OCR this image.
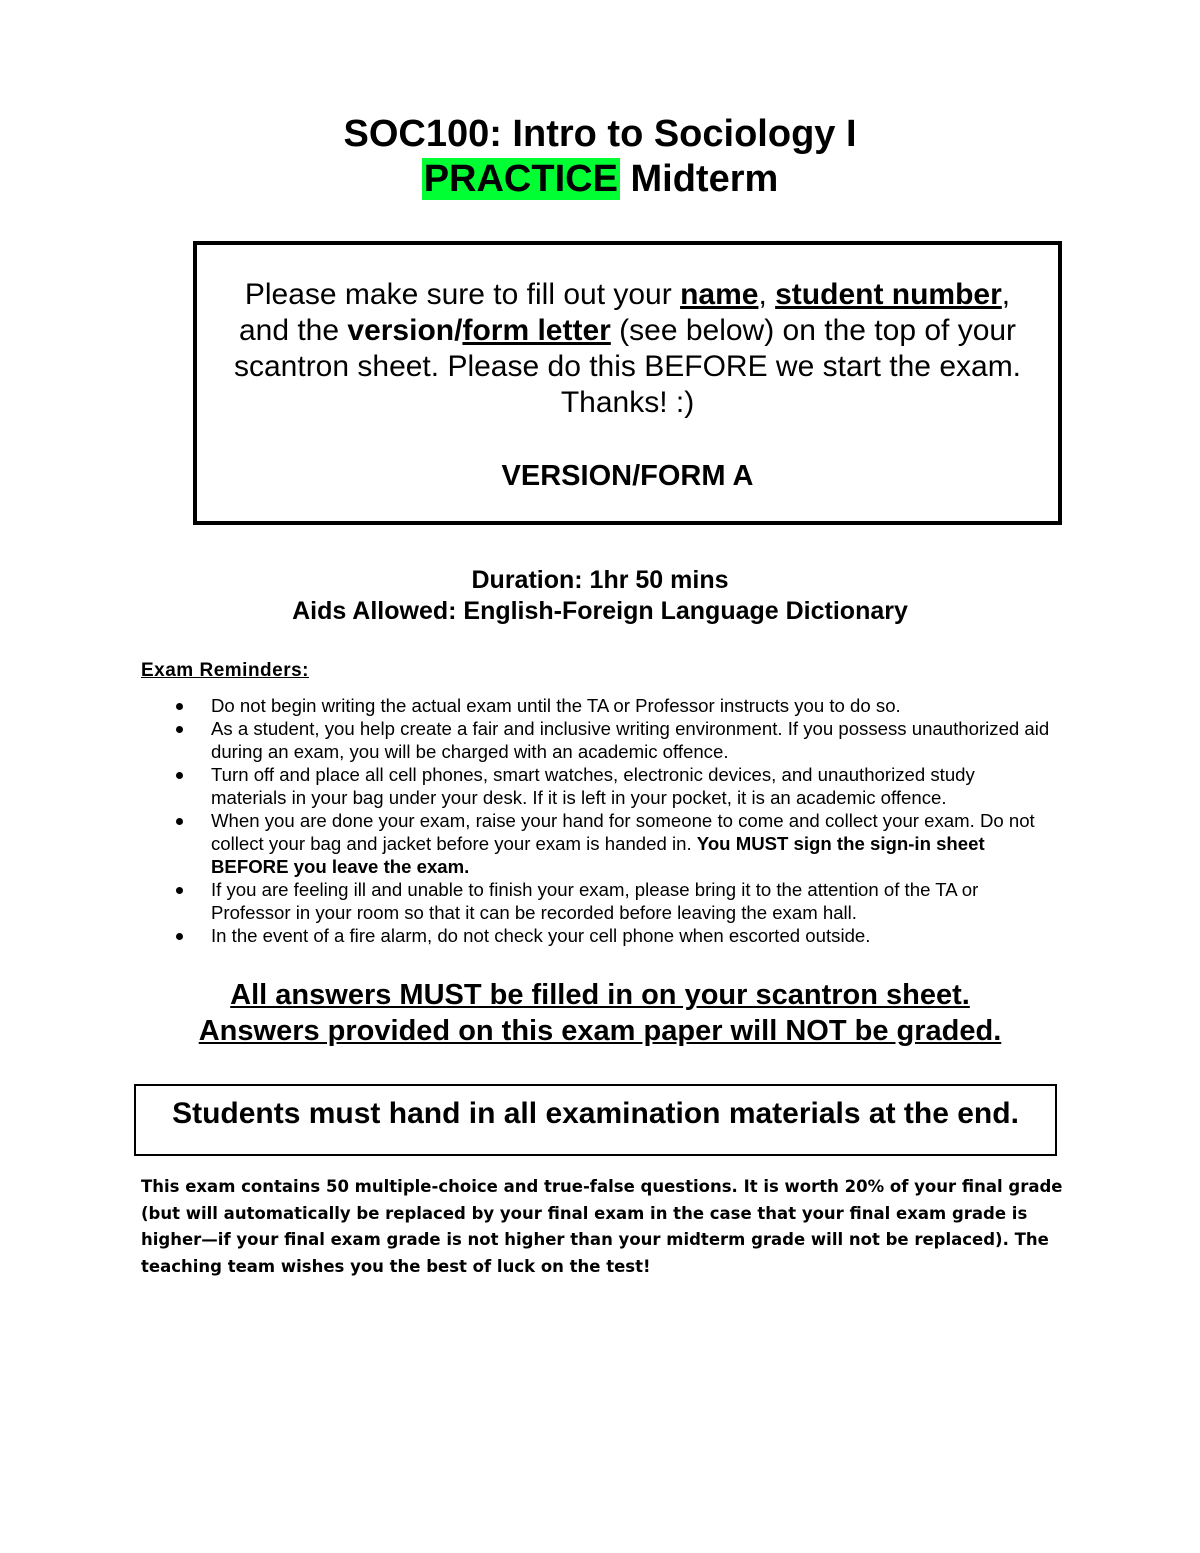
SOC100: Intro to Sociology I
PRACTICE Midterm
Please make sure to fill out your name, student number, and the version/form letter (see below) on the top of your scantron sheet. Please do this BEFORE we start the exam. Thanks! :)
VERSION/FORM A
Duration: 1hr 50 mins
Aids Allowed: English-Foreign Language Dictionary
Exam Reminders:
Do not begin writing the actual exam until the TA or Professor instructs you to do so.
As a student, you help create a fair and inclusive writing environment. If you possess unauthorized aid during an exam, you will be charged with an academic offence.
Turn off and place all cell phones, smart watches, electronic devices, and unauthorized study materials in your bag under your desk. If it is left in your pocket, it is an academic offence.
When you are done your exam, raise your hand for someone to come and collect your exam. Do not collect your bag and jacket before your exam is handed in. You MUST sign the sign-in sheet BEFORE you leave the exam.
If you are feeling ill and unable to finish your exam, please bring it to the attention of the TA or Professor in your room so that it can be recorded before leaving the exam hall.
In the event of a fire alarm, do not check your cell phone when escorted outside.
All answers MUST be filled in on your scantron sheet.
Answers provided on this exam paper will NOT be graded.
Students must hand in all examination materials at the end.
This exam contains 50 multiple-choice and true-false questions. It is worth 20% of your final grade (but will automatically be replaced by your final exam in the case that your final exam grade is higher—if your final exam grade is not higher than your midterm grade will not be replaced). The teaching team wishes you the best of luck on the test!
